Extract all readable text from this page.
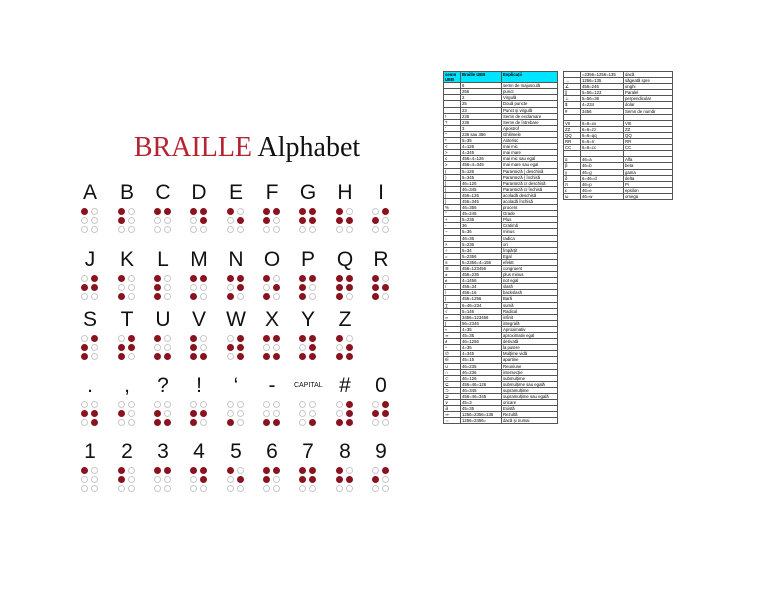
BRAILLE Alphabet
A	B	C D	E	F	G	H	I
J	K	L	M N O P	Q R
S	T	U	V W X	Y	Z
.	,	?	!	‘	-	CAPITAL #	0
1	2	3	4	5	6	7	8	9
semn UEB	Braille UEB	Explicații
	6	semn de majusculă
	256	punct
	2	Virgulă
	25	Două puncte
	23	Punct și virgulă
!	235	Semn de exclamare
?	236	Semn de întrebare
'	3	Apostrof
"	236 sau 356	Ghilimele
*	5=35	Asterisc
<	4=126	mai mic
>	4=345	mai mare
≤	456=4=126	mai mic sau egal
≥	456=4=345	mai mare sau egal
(	5=126	Paranteză ( deschisă
)	5=345	Paranteză ) închisă
[	46=126	Paranteză cr deschisă
]	46=345	Paranteză cr închisă
{	456=126	acoladă deschisă
}	456=345	acoladă închisă
%	46=356	procent
°	45=245	Grade
+	5=235	Plus
-	36	Cratimă
−	5=36	minus
·	46=36	radica
×	5=236	ori
÷	5=34	Împărțit
=	5=2356	Egal
≡	5=2356=4=156	efektt
≅	456=123456	congruent
±	456=235	plus minus
≠	4=1456	not egal
/	456=34	slash
\	456=16	backslash
|	456=1256	Bară
∑	6=46=234	sumă
√	5=146	Radical
∞	3456=123456	infinit
∫	56=2346	integrală
≈	4=35	Aproximativ
≃	45=35	aproximativ egal
∂	46=1256	derivată
ⁿ	4=35	la putere
∅	4=345	Mulțime vidă
∈	45=15	apartine
∪	46=235	Reuniune
∩	46=236	intersecție
⊂	46=126	submulțime
⊆	456=46=126	submulțime sau egală
⊃	46=345	supramulțime
⊇	456=46=345	supramulțime sau egală
∨	45=3	oricare
∃	45=35	Există
⇒	1256=2356=135	Rezultă
⇔	1256=2456=	dacă și numai
	=2356=1256=135	dacă
→	1256=135	săgeată spre
∠	456=246	unghi
∥	5=56=123	Paralel
⊥	5=56=36	perpendicular
$	4=234	dolar
#	3456	Semn de număr

VII	6=6=xx	VIII
ZZ	6=6=zz	ZZ
QQ	6=6=qq	QQ
RR	6=6=rr	RR
CC	6=6=cc	CC

α	46=a	Alfa
β	46=b	beta
γ	46=g	gama
δ	6=46=d	delta
π	46=p	Pi
ε	46=e	epsilon
ω	46=w	omega
